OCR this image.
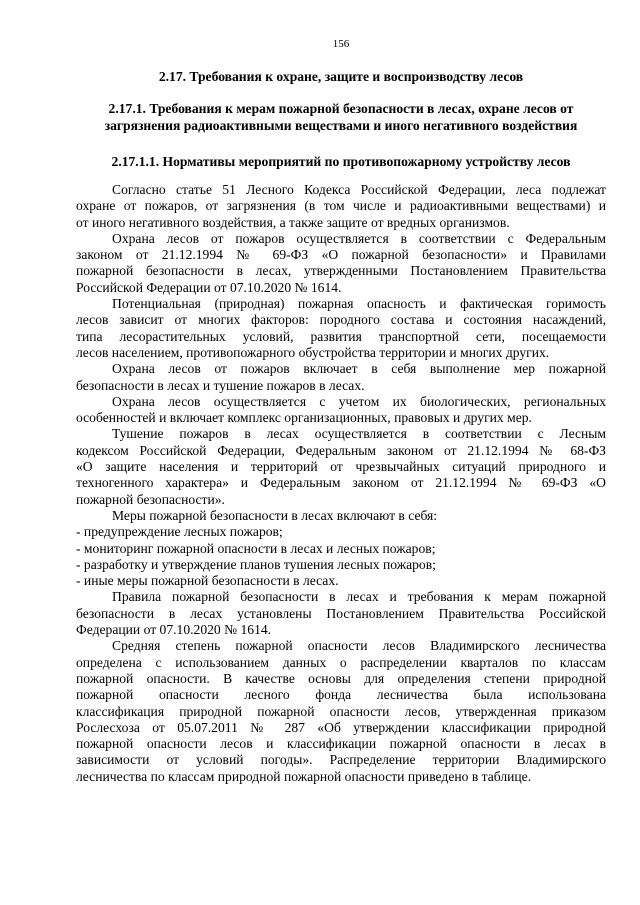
156
2.17. Требования к охране, защите и воспроизводству лесов
2.17.1. Требования к мерам пожарной безопасности в лесах, охране лесов от
загрязнения радиоактивными веществами и иного негативного воздействия
2.17.1.1. Нормативы мероприятий по противопожарному устройству лесов
Согласно статье 51 Лесного Кодекса Российской Федерации, леса подлежат
охране от пожаров, от загрязнения (в том числе и радиоактивными веществами) и
от иного негативного воздействия, а также защите от вредных организмов.
Охрана лесов от пожаров осуществляется в соответствии с Федеральным
законом от 21.12.1994 № 69-ФЗ «О пожарной безопасности» и Правилами
пожарной безопасности в лесах, утвержденными Постановлением Правительства
Российской Федерации от 07.10.2020 № 1614.
Потенциальная (природная) пожарная опасность и фактическая горимость
лесов зависит от многих факторов: породного состава и состояния насаждений,
типа лесорастительных условий, развития транспортной сети, посещаемости
лесов населением, противопожарного обустройства территории и многих других.
Охрана лесов от пожаров включает в себя выполнение мер пожарной
безопасности в лесах и тушение пожаров в лесах.
Охрана лесов осуществляется с учетом их биологических, региональных
особенностей и включает комплекс организационных, правовых и других мер.
Тушение пожаров в лесах осуществляется в соответствии с Лесным
кодексом Российской Федерации, Федеральным законом от 21.12.1994 № 68-ФЗ
«О защите населения и территорий от чрезвычайных ситуаций природного и
техногенного характера» и Федеральным законом от 21.12.1994 № 69-ФЗ «О
пожарной безопасности».
Меры пожарной безопасности в лесах включают в себя:
- предупреждение лесных пожаров;
- мониторинг пожарной опасности в лесах и лесных пожаров;
- разработку и утверждение планов тушения лесных пожаров;
- иные меры пожарной безопасности в лесах.
Правила пожарной безопасности в лесах и требования к мерам пожарной
безопасности в лесах установлены Постановлением Правительства Российской
Федерации от 07.10.2020 № 1614.
Средняя степень пожарной опасности лесов Владимирского лесничества
определена с использованием данных о распределении кварталов по классам
пожарной опасности. В качестве основы для определения степени природной
пожарной опасности лесного фонда лесничества была использована
классификация природной пожарной опасности лесов, утвержденная приказом
Рослесхоза от 05.07.2011 № 287 «Об утверждении классификации природной
пожарной опасности лесов и классификации пожарной опасности в лесах в
зависимости от условий погоды». Распределение территории Владимирского
лесничества по классам природной пожарной опасности приведено в таблице.
